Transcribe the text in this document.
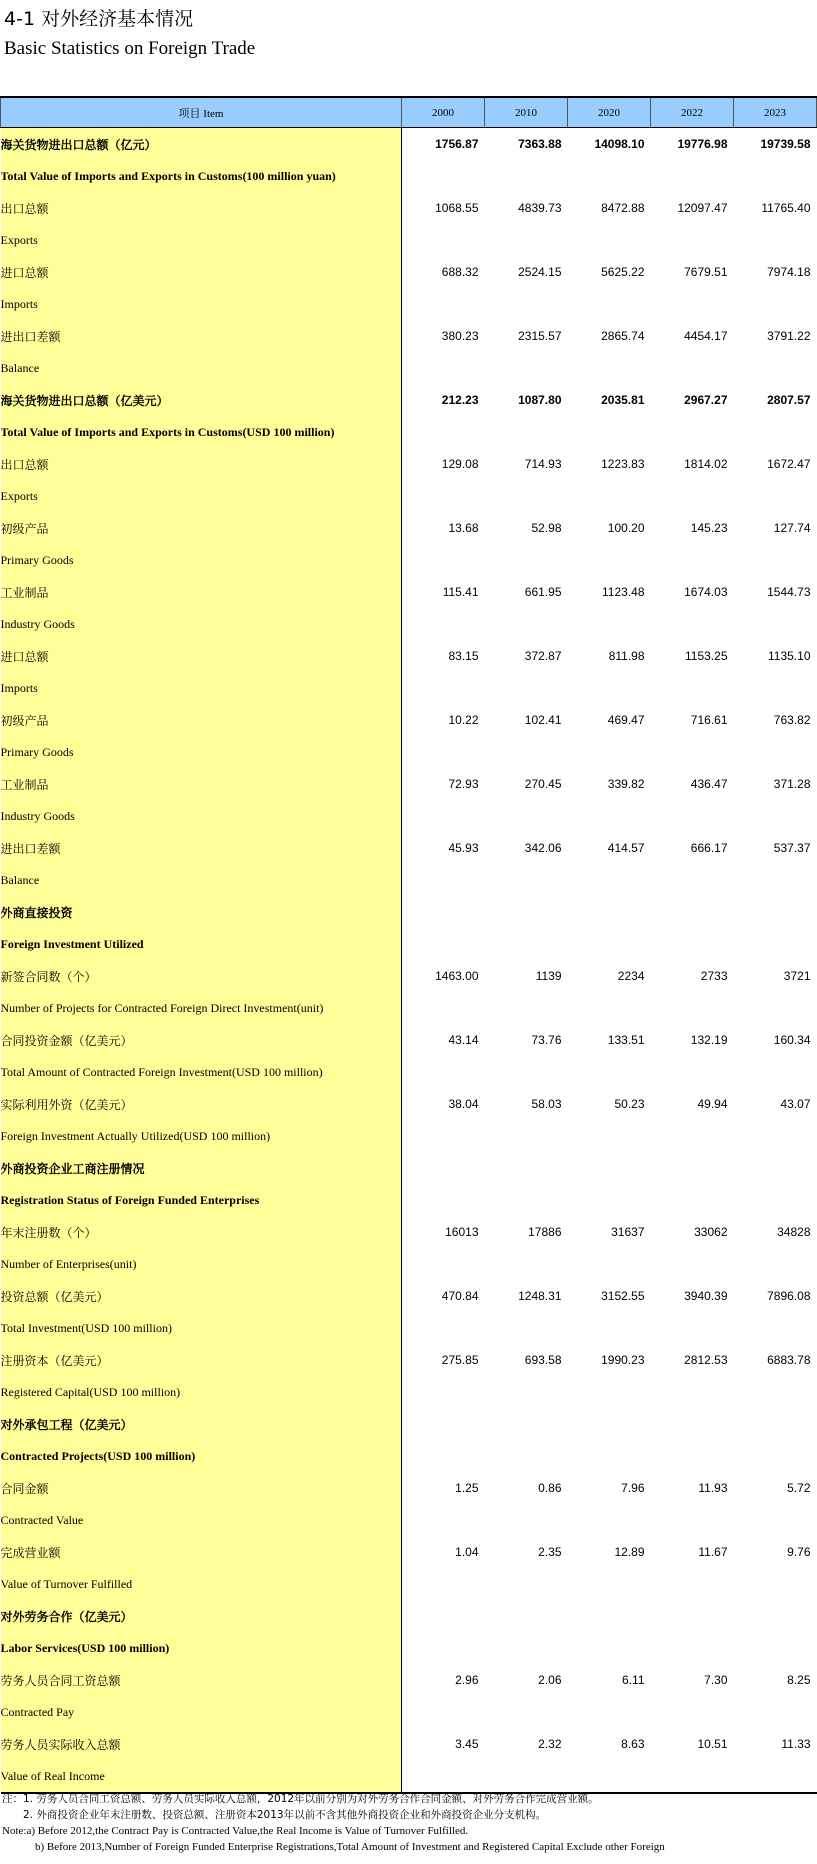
4-1 对外经济基本情况
Basic Statistics on Foreign Trade
项目 Item	2000	2010	2020	2022	2023
海关货物进出口总额（亿元）	1756.87	7363.88	14098.10	19776.98	19739.58
Total Value of Imports and Exports in Customs(100 million yuan)					
出口总额	1068.55	4839.73	8472.88	12097.47	11765.40
Exports					
进口总额	688.32	2524.15	5625.22	7679.51	7974.18
Imports					
进出口差额	380.23	2315.57	2865.74	4454.17	3791.22
Balance					
海关货物进出口总额（亿美元）	212.23	1087.80	2035.81	2967.27	2807.57
Total Value of Imports and Exports in Customs(USD 100 million)					
出口总额	129.08	714.93	1223.83	1814.02	1672.47
Exports					
初级产品	13.68	52.98	100.20	145.23	127.74
Primary Goods					
工业制品	115.41	661.95	1123.48	1674.03	1544.73
Industry Goods					
进口总额	83.15	372.87	811.98	1153.25	1135.10
Imports					
初级产品	10.22	102.41	469.47	716.61	763.82
Primary Goods					
工业制品	72.93	270.45	339.82	436.47	371.28
Industry Goods					
进出口差额	45.93	342.06	414.57	666.17	537.37
Balance					
外商直接投资					
Foreign Investment Utilized					
新签合同数（个）	1463.00	1139	2234	2733	3721
Number of Projects for Contracted Foreign Direct Investment(unit)					
合同投资金额（亿美元）	43.14	73.76	133.51	132.19	160.34
Total Amount of Contracted Foreign Investment(USD 100 million)					
实际利用外资（亿美元）	38.04	58.03	50.23	49.94	43.07
Foreign Investment Actually Utilized(USD 100 million)					
外商投资企业工商注册情况					
Registration Status of Foreign Funded Enterprises					
年末注册数（个）	16013	17886	31637	33062	34828
Number of Enterprises(unit)					
投资总额（亿美元）	470.84	1248.31	3152.55	3940.39	7896.08
Total Investment(USD 100 million)					
注册资本（亿美元）	275.85	693.58	1990.23	2812.53	6883.78
Registered Capital(USD 100 million)					
对外承包工程（亿美元）					
Contracted Projects(USD 100 million)					
合同金额	1.25	0.86	7.96	11.93	5.72
Contracted Value					
完成营业额	1.04	2.35	12.89	11.67	9.76
Value of Turnover Fulfilled					
对外劳务合作（亿美元）					
Labor Services(USD 100 million)					
劳务人员合同工资总额	2.96	2.06	6.11	7.30	8.25
Contracted Pay					
劳务人员实际收入总额	3.45	2.32	8.63	10.51	11.33
Value of Real Income					
注：1. 劳务人员合同工资总额、劳务人员实际收入总额，2012年以前分别为对外劳务合作合同金额、对外劳务合作完成营业额。
　　2. 外商投资企业年末注册数、投资总额、注册资本2013年以前不含其他外商投资企业和外商投资企业分支机构。
Note:a) Before 2012,the Contract Pay is Contracted Value,the Real Income is Value of Turnover Fulfilled.
　　　b) Before 2013,Number of Foreign Funded Enterprise Registrations,Total Amount of Investment and Registered Capital Exclude other Foreign
